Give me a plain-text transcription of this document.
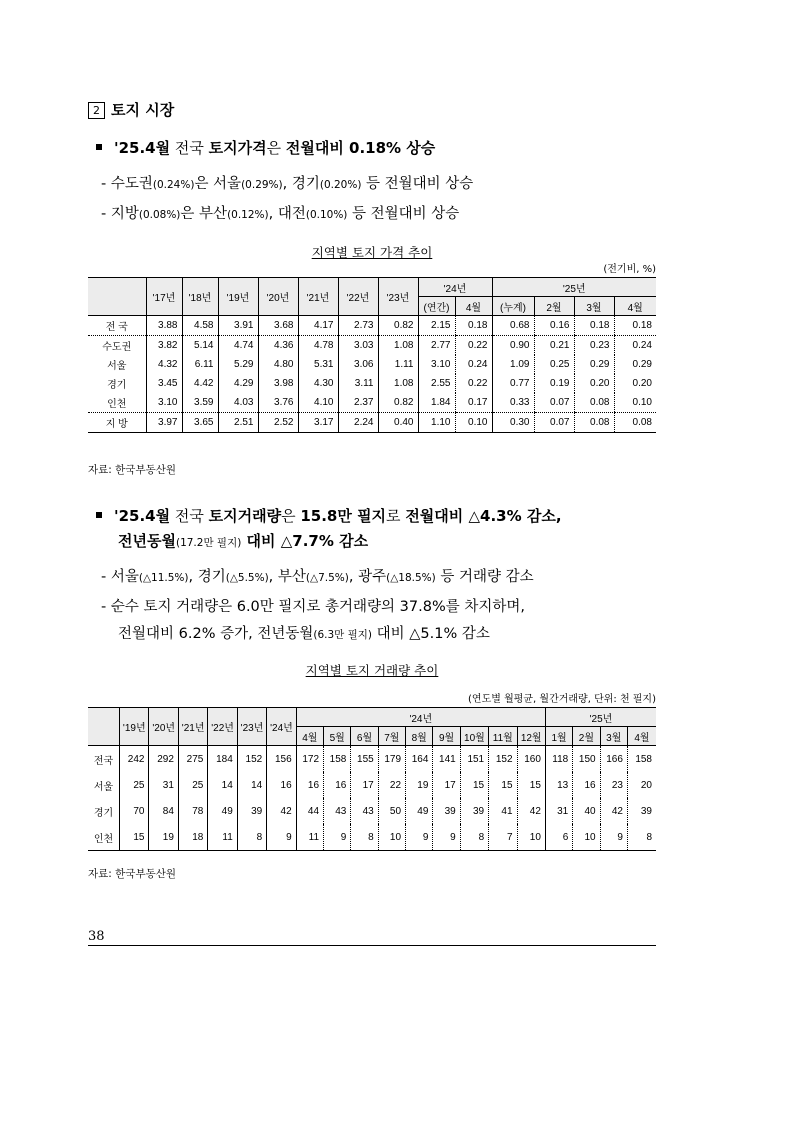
2 토지 시장
'25.4월 전국 토지가격은 전월대비 0.18% 상승
- 수도권(0.24%)은 서울(0.29%), 경기(0.20%) 등 전월대비 상승
- 지방(0.08%)은 부산(0.12%), 대전(0.10%) 등 전월대비 상승
지역별 토지 가격 추이
(전기비, %)
	'17년	'18년	'19년	'20년	'21년	'22년	'23년	'24년		'25년			
								(연간)	4월	(누계)	2월	3월	4월
전 국	3.88	4.58	3.91	3.68	4.17	2.73	0.82	2.15	0.18	0.68	0.16	0.18	0.18
수도권	3.82	5.14	4.74	4.36	4.78	3.03	1.08	2.77	0.22	0.90	0.21	0.23	0.24
서울	4.32	6.11	5.29	4.80	5.31	3.06	1.11	3.10	0.24	1.09	0.25	0.29	0.29
경기	3.45	4.42	4.29	3.98	4.30	3.11	1.08	2.55	0.22	0.77	0.19	0.20	0.20
인천	3.10	3.59	4.03	3.76	4.10	2.37	0.82	1.84	0.17	0.33	0.07	0.08	0.10
지 방	3.97	3.65	2.51	2.52	3.17	2.24	0.40	1.10	0.10	0.30	0.07	0.08	0.08
자료: 한국부동산원
'25.4월 전국 토지거래량은 15.8만 필지로 전월대비 △4.3% 감소,
전년동월(17.2만 필지) 대비 △7.7% 감소
- 서울(△11.5%), 경기(△5.5%), 부산(△7.5%), 광주(△18.5%) 등 거래량 감소
- 순수 토지 거래량은 6.0만 필지로 총거래량의 37.8%를 차지하며,
전월대비 6.2% 증가, 전년동월(6.3만 필지) 대비 △5.1% 감소
지역별 토지 거래량 추이
(연도별 월평균, 월간거래량, 단위: 천 필지)
	'19년	'20년	'21년	'22년	'23년	'24년	'24년									'25년			
							4월	5월	6월	7월	8월	9월	10월	11월	12월	1월	2월	3월	4월
전국	242	292	275	184	152	156	172	158	155	179	164	141	151	152	160	118	150	166	158
서울	25	31	25	14	14	16	16	16	17	22	19	17	15	15	15	13	16	23	20
경기	70	84	78	49	39	42	44	43	43	50	49	39	39	41	42	31	40	42	39
인천	15	19	18	11	8	9	11	9	8	10	9	9	8	7	10	6	10	9	8
자료: 한국부동산원
38
